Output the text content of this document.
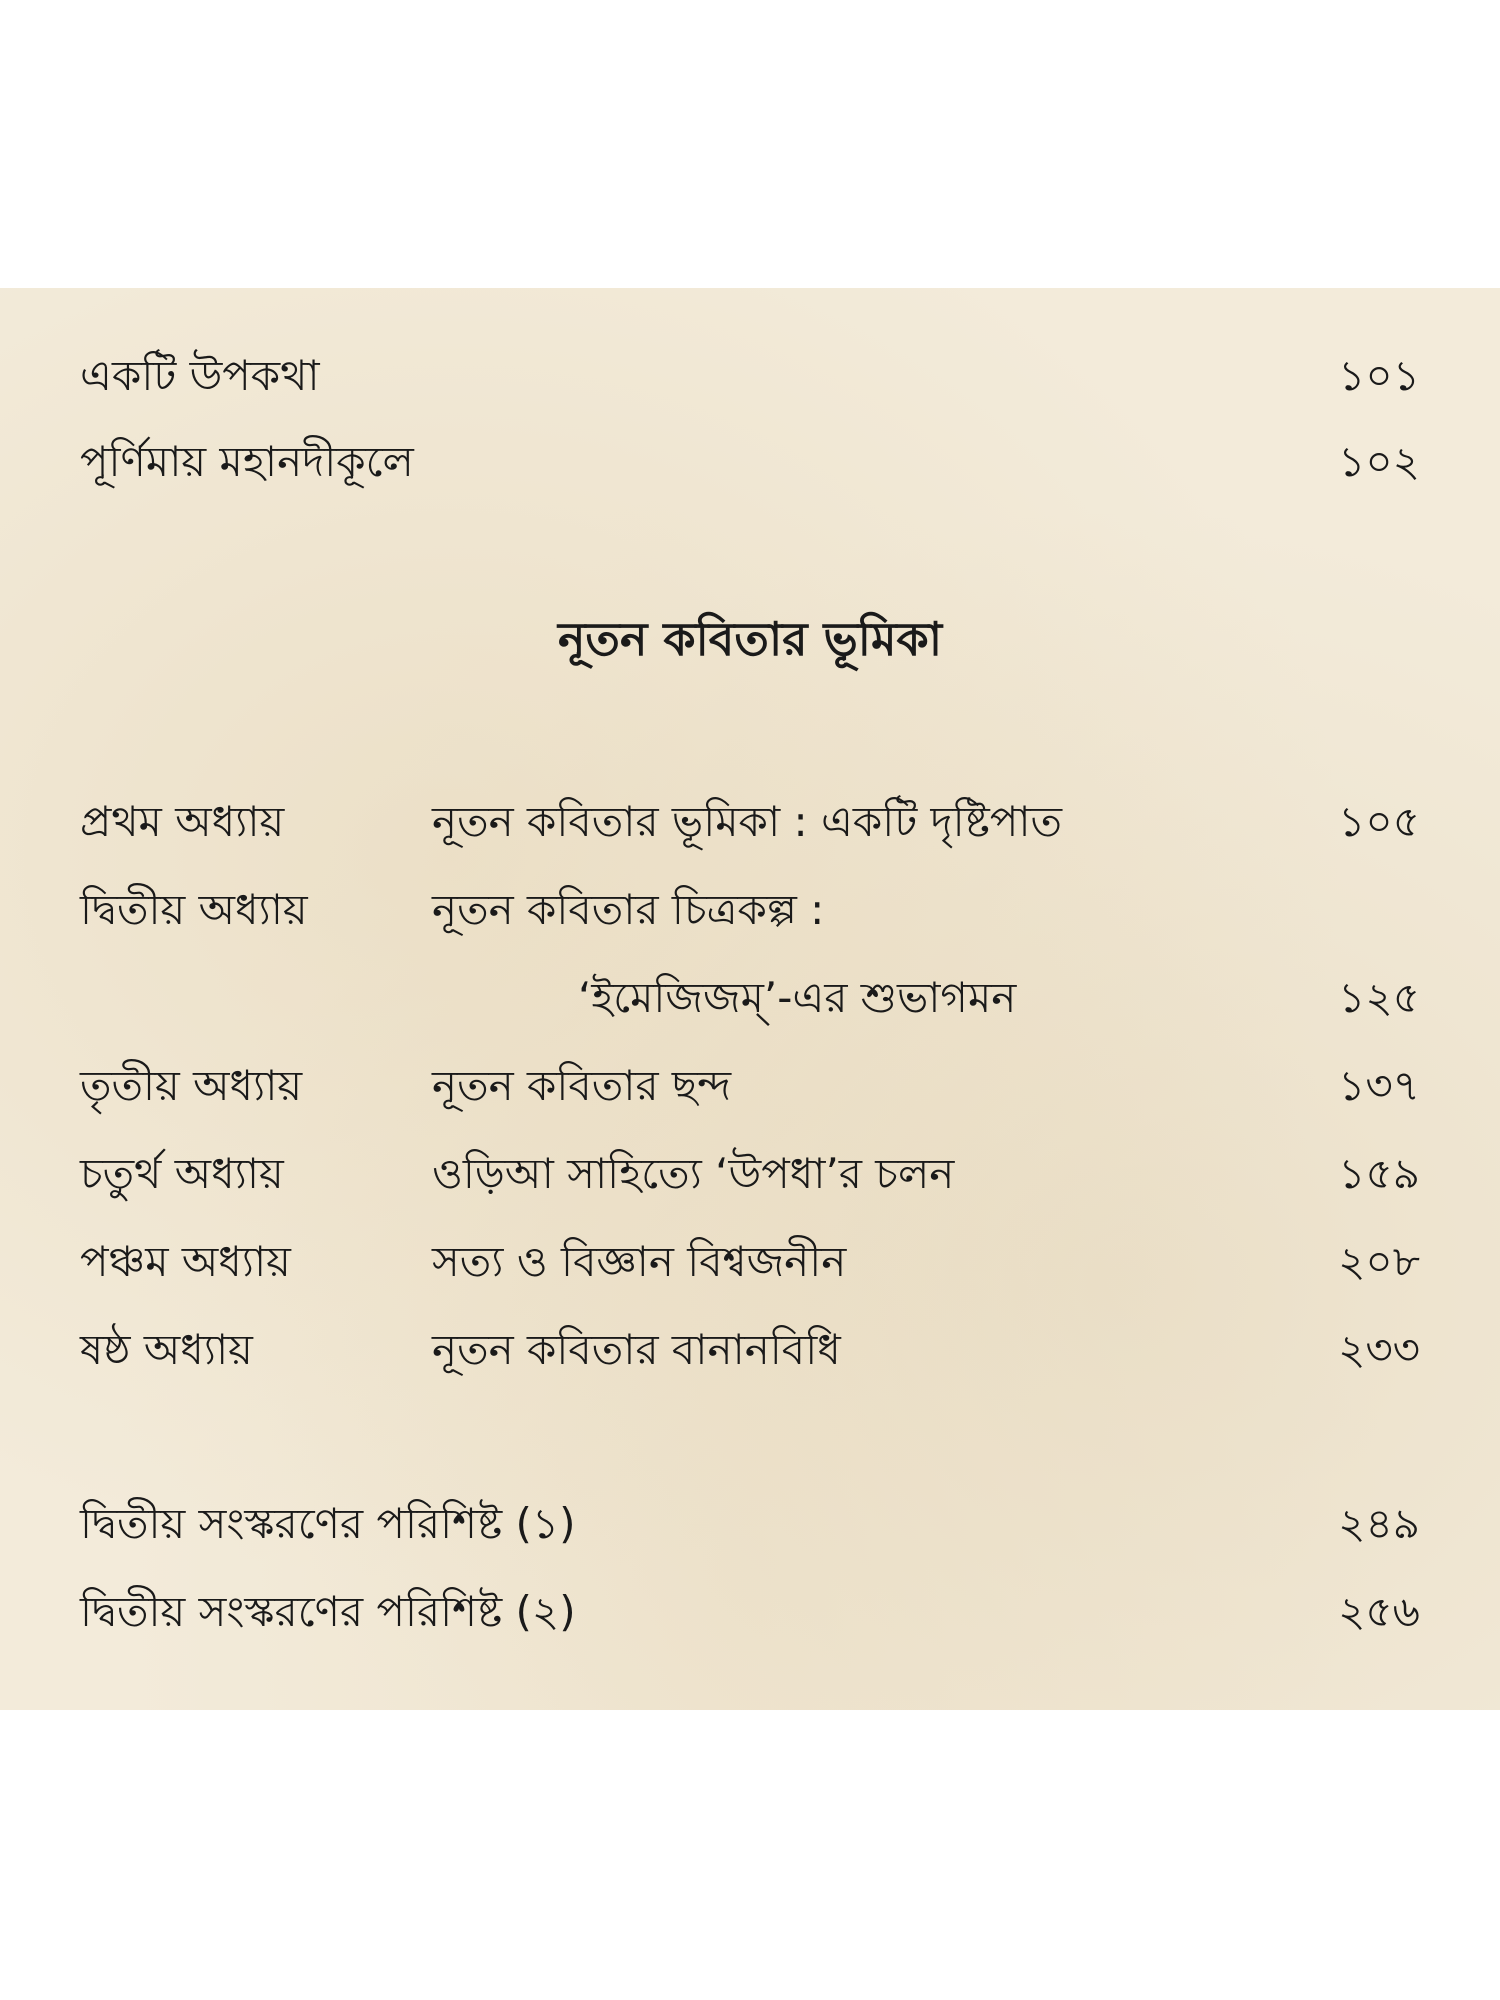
একটি উপকথা	১০১
পূর্ণিমায় মহানদীকূলে	১০২
নূতন কবিতার ভূমিকা
প্রথম অধ্যায়	নূতন কবিতার ভূমিকা : একটি দৃষ্টিপাত	১০৫
দ্বিতীয় অধ্যায়	নূতন কবিতার চিত্রকল্প :
‘ইমেজিজম্’-এর শুভাগমন	১২৫
তৃতীয় অধ্যায়	নূতন কবিতার ছন্দ	১৩৭
চতুর্থ অধ্যায়	ওড়িআ সাহিত্যে ‘উপধা’র চলন	১৫৯
পঞ্চম অধ্যায়	সত্য ও বিজ্ঞান বিশ্বজনীন	২০৮
ষষ্ঠ অধ্যায়	নূতন কবিতার বানানবিধি	২৩৩
দ্বিতীয় সংস্করণের পরিশিষ্ট (১)	২৪৯
দ্বিতীয় সংস্করণের পরিশিষ্ট (২)	২৫৬
